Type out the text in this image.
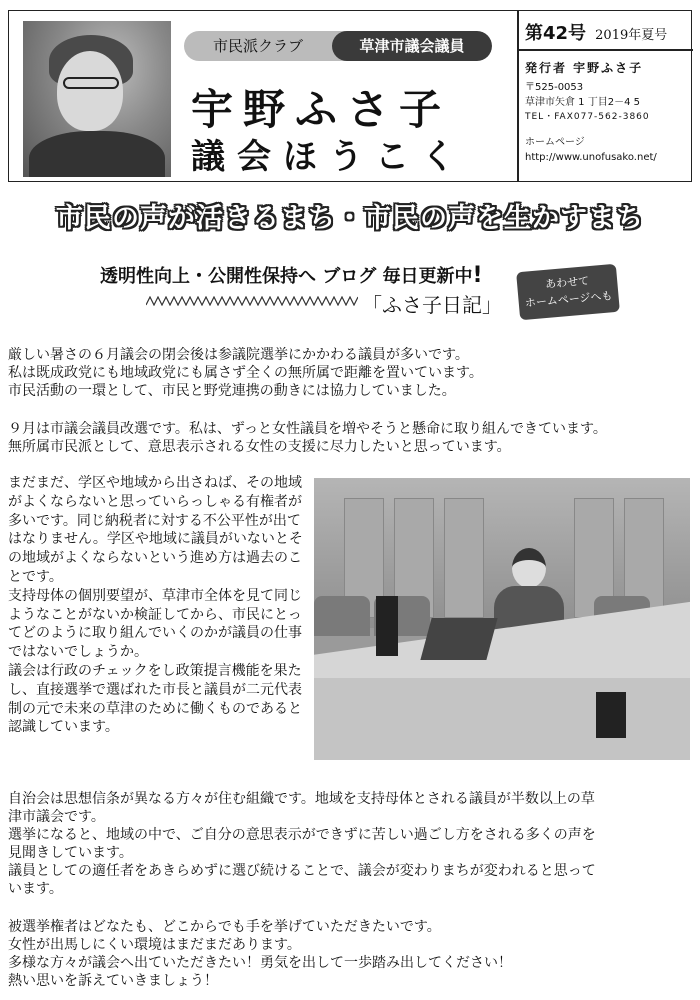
市民派クラブ	草津市議会議員
宇野ふさ子
議会ほうこく
第42号 2019年夏号
発行者 宇野ふさ子
〒525-0053
草津市矢倉 1 丁目2－4 5
TEL・FAX077-562-3860
ホームページ
http://www.unofusako.net/
市民の声が活きるまち・市民の声を生かすまち
透明性向上・公開性保持へ ブログ 毎日更新中!
「ふさ子日記」
あわせて
ホームページへも
厳しい暑さの６月議会の閉会後は参議院選挙にかかわる議員が多いです。
私は既成政党にも地域政党にも属さず全くの無所属で距離を置いています。
市民活動の一環として、市民と野党連携の動きには協力していました。
９月は市議会議員改選です。私は、ずっと女性議員を増やそうと懸命に取り組んできています。
無所属市民派として、意思表示される女性の支援に尽力したいと思っています。

まだまだ、学区や地域から出さねば、その地域がよくならないと思っていらっしゃる有権者が多いです。同じ納税者に対する不公平性が出てはなりません。学区や地域に議員がいないとその地域がよくならないという進め方は過去のことです。

支持母体の個別要望が、草津市全体を見て同じようなことがないか検証してから、市民にとってどのように取り組んでいくのかが議員の仕事ではないでしょうか。

議会は行政のチェックをし政策提言機能を果たし、直接選挙で選ばれた市長と議員が二元代表制の元で未来の草津のために働くものであると認識しています。

自治会は思想信条が異なる方々が住む組織です。地域を支持母体とされる議員が半数以上の草
津市議会です。
選挙になると、地域の中で、ご自分の意思表示ができずに苦しい過ごし方をされる多くの声を
見聞きしています。
議員としての適任者をあきらめずに選び続けることで、議会が変わりまちが変われると思って
います。
被選挙権者はどなたも、どこからでも手を挙げていただきたいです。
女性が出馬しにくい環境はまだまだあります。
多様な方々が議会へ出ていただきたい！勇気を出して一歩踏み出してください！
熱い思いを訴えていきましょう！
